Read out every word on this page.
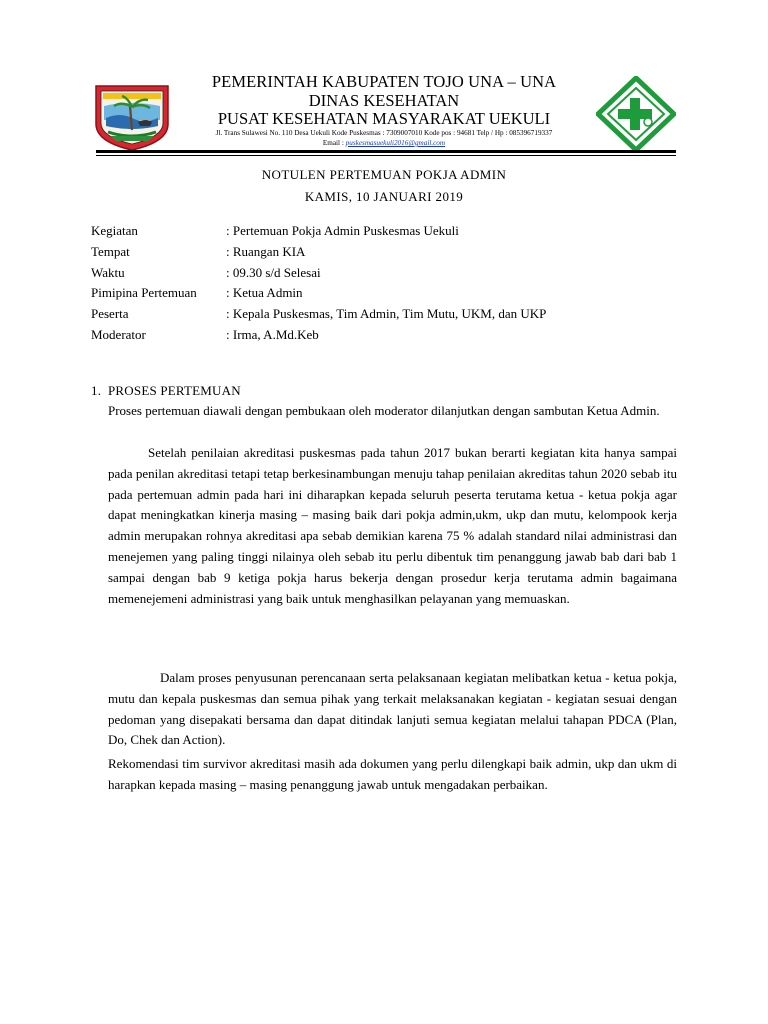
PEMERINTAH KABUPATEN TOJO UNA – UNA
DINAS KESEHATAN
PUSAT KESEHATAN MASYARAKAT UEKULI
Jl. Trans Sulawesi No. 110 Desa Uekuli Kode Puskesmas : 7309007010 Kode pos : 94681 Telp / Hp : 085396719337
Email : puskesmasuekuli2016@gmail.com
NOTULEN PERTEMUAN POKJA ADMIN
KAMIS, 10 JANUARI 2019
Kegiatan	: Pertemuan Pokja Admin Puskesmas Uekuli
Tempat	: Ruangan KIA
Waktu	: 09.30 s/d Selesai
Pimipina Pertemuan	: Ketua Admin
Peserta	: Kepala Puskesmas, Tim Admin, Tim Mutu, UKM, dan UKP
Moderator	: Irma, A.Md.Keb
1. PROSES PERTEMUAN
Proses pertemuan diawali dengan pembukaan oleh moderator dilanjutkan dengan sambutan Ketua Admin.
Setelah penilaian akreditasi puskesmas pada tahun 2017 bukan berarti kegiatan kita hanya sampai pada penilan akreditasi tetapi tetap berkesinambungan menuju tahap penilaian akreditas tahun 2020 sebab itu pada pertemuan admin pada hari ini diharapkan kepada seluruh peserta terutama ketua - ketua pokja agar dapat meningkatkan kinerja masing – masing baik dari pokja admin,ukm, ukp dan mutu, kelompook kerja admin merupakan rohnya akreditasi apa sebab demikian karena 75 % adalah standard nilai administrasi dan menejemen yang paling tinggi nilainya oleh sebab itu perlu dibentuk tim penanggung jawab bab dari bab 1 sampai dengan bab 9 ketiga pokja harus bekerja dengan prosedur kerja terutama admin bagaimana memenejemeni administrasi yang baik untuk menghasilkan pelayanan yang memuaskan.
Dalam proses penyusunan perencanaan serta pelaksanaan kegiatan melibatkan ketua - ketua pokja, mutu dan kepala puskesmas dan semua pihak yang terkait melaksanakan kegiatan - kegiatan sesuai dengan pedoman yang disepakati bersama dan dapat ditindak lanjuti semua kegiatan melalui tahapan PDCA (Plan, Do, Chek dan Action).
Rekomendasi tim survivor akreditasi masih ada dokumen yang perlu dilengkapi baik admin, ukp dan ukm di harapkan kepada masing – masing penanggung jawab untuk mengadakan perbaikan.
